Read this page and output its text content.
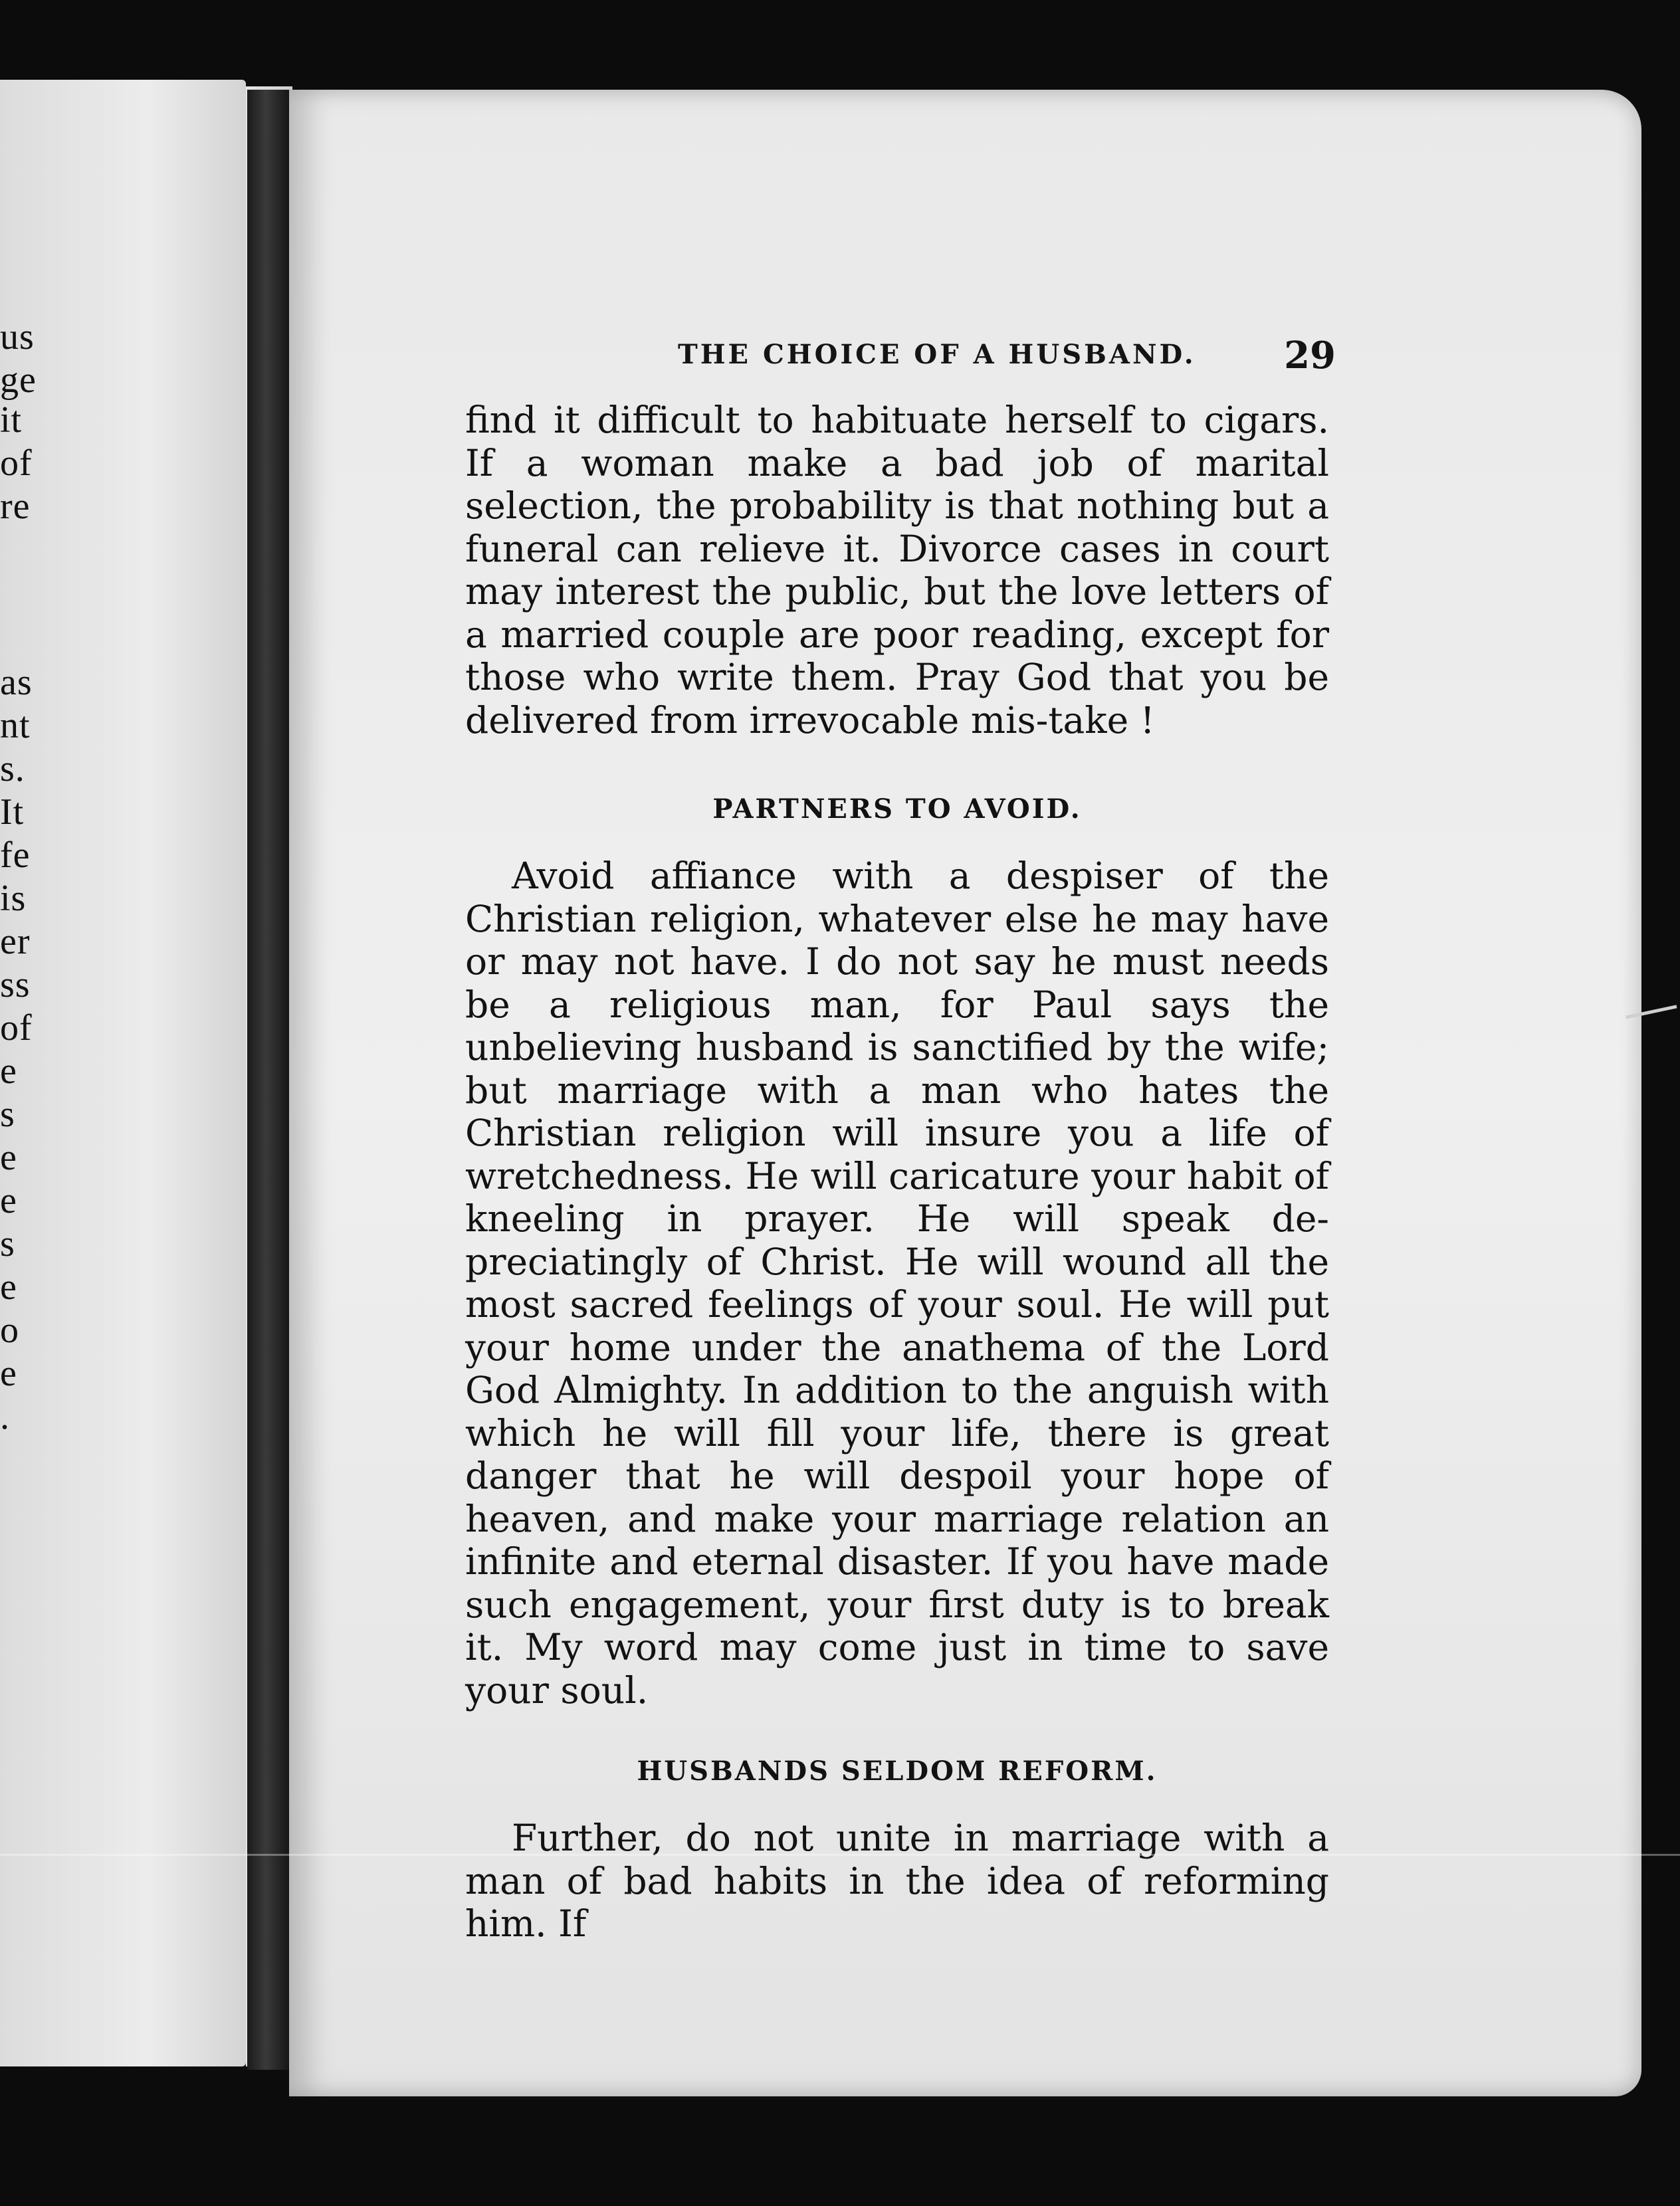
us
ge
it
of
re
as
nt
s.
It
fe
is
er
ss
of
e
s
e
e
s
e
o
e
.
THE CHOICE OF A HUSBAND. 29

find it difficult to habituate herself to cigars. If a woman make a bad job of marital selection, the probability is that nothing but a funeral can relieve it. Divorce cases in court may interest the public, but the love letters of a married couple are poor reading, except for those who write them. Pray God that you be delivered from irrevocable mis-take !

PARTNERS TO AVOID.

Avoid affiance with a despiser of the Christian religion, whatever else he may have or may not have. I do not say he must needs be a religious man, for Paul says the unbelieving husband is sanctified by the wife; but marriage with a man who hates the Christian religion will insure you a life of wretchedness. He will caricature your habit of kneeling in prayer. He will speak de-preciatingly of Christ. He will wound all the most sacred feelings of your soul. He will put your home under the anathema of the Lord God Almighty. In addition to the anguish with which he will fill your life, there is great danger that he will despoil your hope of heaven, and make your marriage relation an infinite and eternal disaster. If you have made such engagement, your first duty is to break it. My word may come just in time to save your soul.

HUSBANDS SELDOM REFORM.

Further, do not unite in marriage with a man of bad habits in the idea of reforming him. If
